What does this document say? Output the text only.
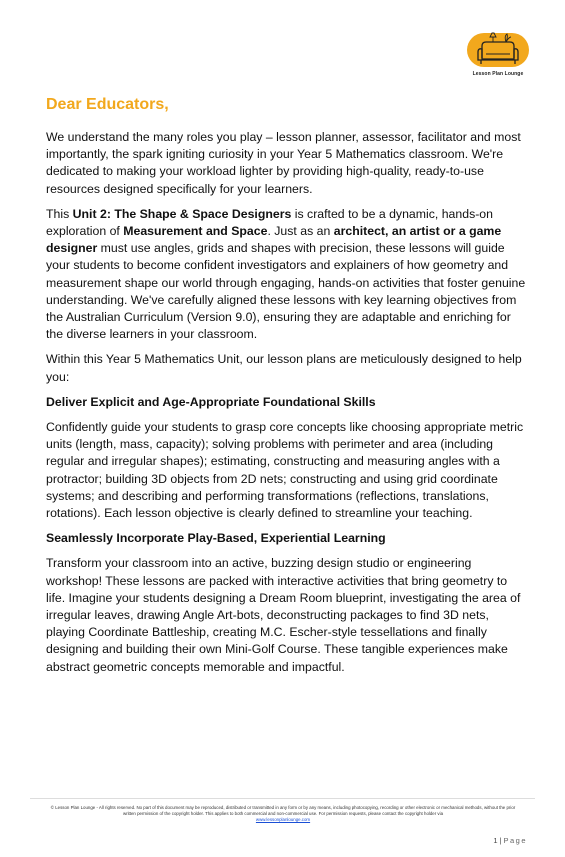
Lesson Plan Lounge
Dear Educators,

We understand the many roles you play – lesson planner, assessor, facilitator and most importantly, the spark igniting curiosity in your Year 5 Mathematics classroom. We're dedicated to making your workload lighter by providing high-quality, ready-to-use resources designed specifically for your learners.

This Unit 2: The Shape & Space Designers is crafted to be a dynamic, hands-on exploration of Measurement and Space. Just as an architect, an artist or a game designer must use angles, grids and shapes with precision, these lessons will guide your students to become confident investigators and explainers of how geometry and measurement shape our world through engaging, hands-on activities that foster genuine understanding. We've carefully aligned these lessons with key learning objectives from the Australian Curriculum (Version 9.0), ensuring they are adaptable and enriching for the diverse learners in your classroom.

Within this Year 5 Mathematics Unit, our lesson plans are meticulously designed to help you:

Deliver Explicit and Age-Appropriate Foundational Skills

Confidently guide your students to grasp core concepts like choosing appropriate metric units (length, mass, capacity); solving problems with perimeter and area (including regular and irregular shapes); estimating, constructing and measuring angles with a protractor; building 3D objects from 2D nets; constructing and using grid coordinate systems; and describing and performing transformations (reflections, translations, rotations). Each lesson objective is clearly defined to streamline your teaching.

Seamlessly Incorporate Play-Based, Experiential Learning

Transform your classroom into an active, buzzing design studio or engineering workshop! These lessons are packed with interactive activities that bring geometry to life. Imagine your students designing a Dream Room blueprint, investigating the area of irregular leaves, drawing Angle Art-bots, deconstructing packages to find 3D nets, playing Coordinate Battleship, creating M.C. Escher-style tessellations and finally designing and building their own Mini-Golf Course. These tangible experiences make abstract geometric concepts memorable and impactful.

© Lesson Plan Lounge - All rights reserved. No part of this document may be reproduced, distributed or transmitted in any form or by any means, including photocopying, recording or other electronic or mechanical methods, without the prior written permission of the copyright holder. This applies to both commercial and non-commercial use. For permission requests, please contact the copyright holder via
www.lessonplanlounge.com
1 | Page
